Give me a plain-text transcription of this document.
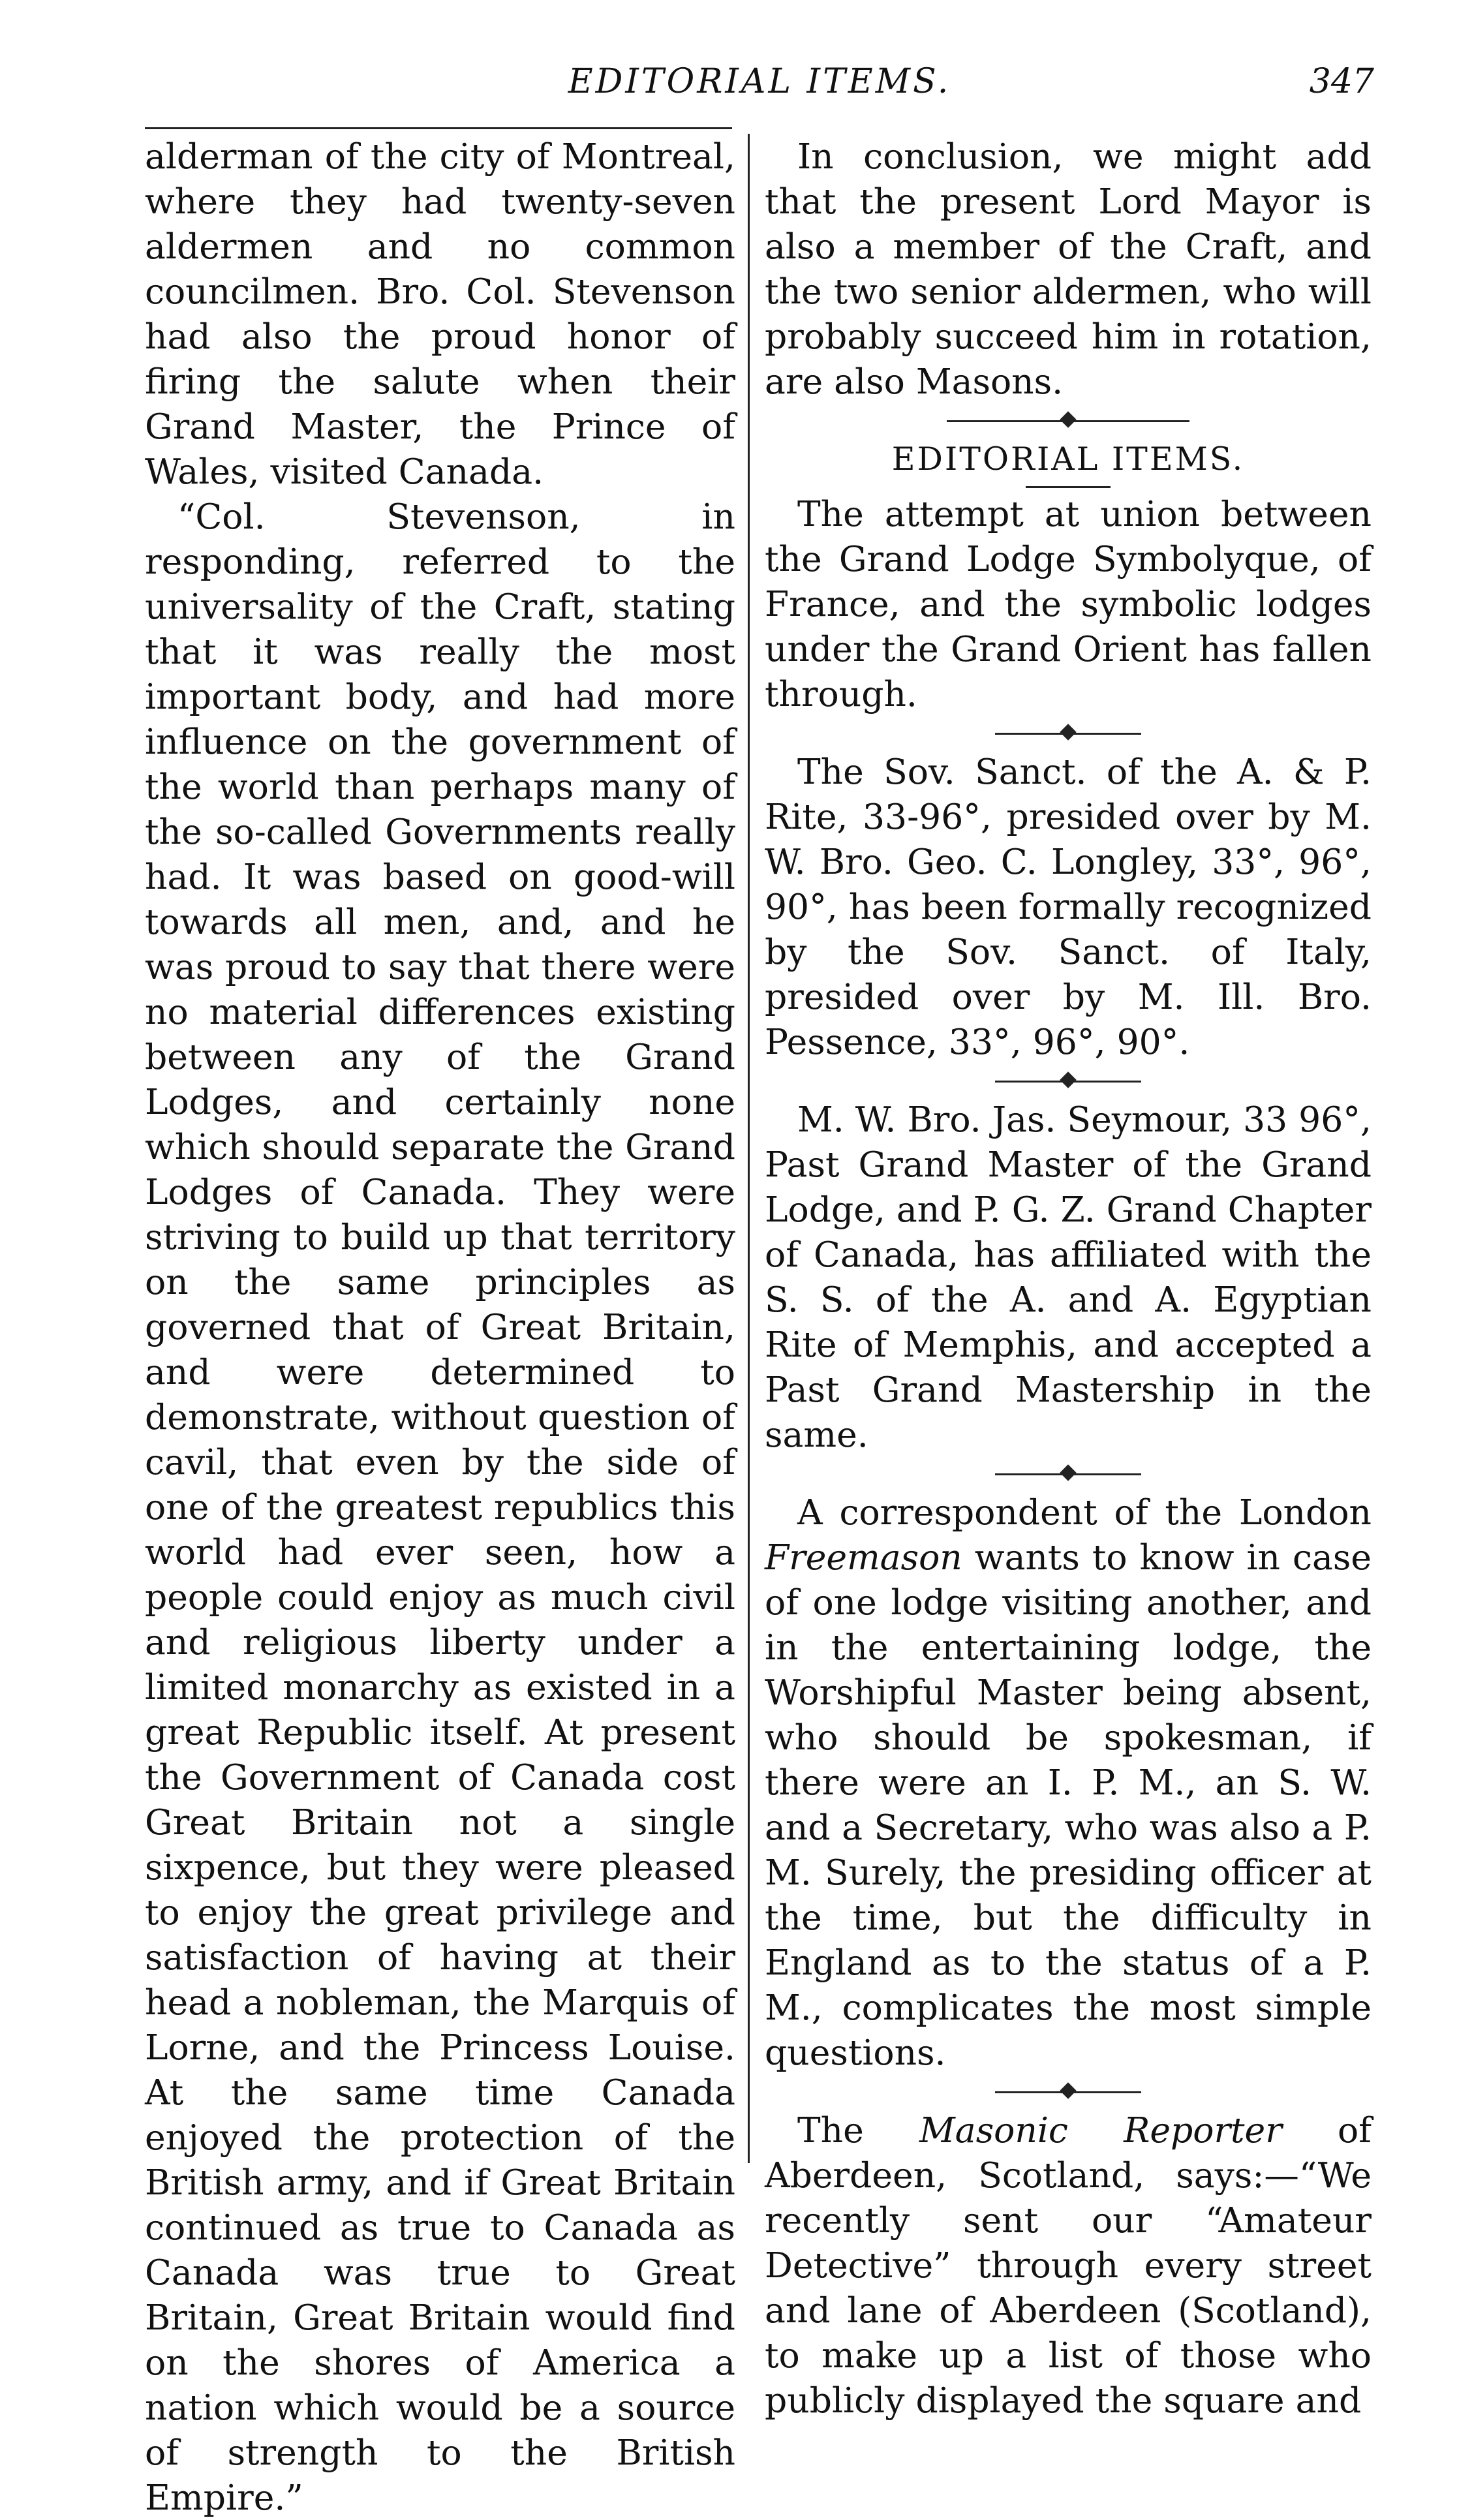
EDITORIAL ITEMS.	347

alderman of the city of Montreal, where they had twenty-seven aldermen and no common councilmen. Bro. Col. Stevenson had also the proud honor of firing the salute when their Grand Master, the Prince of Wales, visited Canada.

“Col. Stevenson, in responding, referred to the universality of the Craft, stating that it was really the most important body, and had more influence on the government of the world than perhaps many of the so-called Governments really had. It was based on good-will towards all men, and, and he was proud to say that there were no material differences existing between any of the Grand Lodges, and certainly none which should separate the Grand Lodges of Canada. They were striving to build up that territory on the same principles as governed that of Great Britain, and were determined to demonstrate, without question of cavil, that even by the side of one of the greatest republics this world had ever seen, how a people could enjoy as much civil and religious liberty under a limited monarchy as existed in a great Republic itself. At present the Government of Canada cost Great Britain not a single sixpence, but they were pleased to enjoy the great privilege and satisfaction of having at their head a nobleman, the Marquis of Lorne, and the Princess Louise. At the same time Canada enjoyed the protection of the British army, and if Great Britain continued as true to Canada as Canada was true to Great Britain, Great Britain would find on the shores of America a nation which would be a source of strength to the British Empire.”

In conclusion, we might add that the present Lord Mayor is also a member of the Craft, and the two senior aldermen, who will probably succeed him in rotation, are also Masons.

EDITORIAL ITEMS.

The attempt at union between the Grand Lodge Symbolyque, of France, and the symbolic lodges under the Grand Orient has fallen through.

The Sov. Sanct. of the A. & P. Rite, 33-96°, presided over by M. W. Bro. Geo. C. Longley, 33°, 96°, 90°, has been formally recognized by the Sov. Sanct. of Italy, presided over by M. Ill. Bro. Pessence, 33°, 96°, 90°.

M. W. Bro. Jas. Seymour, 33 96°, Past Grand Master of the Grand Lodge, and P. G. Z. Grand Chapter of Canada, has affiliated with the S. S. of the A. and A. Egyptian Rite of Memphis, and accepted a Past Grand Mastership in the same.

A correspondent of the London Freemason wants to know in case of one lodge visiting another, and in the entertaining lodge, the Worshipful Master being absent, who should be spokesman, if there were an I. P. M., an S. W. and a Secretary, who was also a P. M. Surely, the presiding officer at the time, but the difficulty in England as to the status of a P. M., complicates the most simple questions.

The Masonic Reporter of Aberdeen, Scotland, says:—“We recently sent our “Amateur Detective” through every street and lane of Aberdeen (Scotland), to make up a list of those who publicly displayed the square and
